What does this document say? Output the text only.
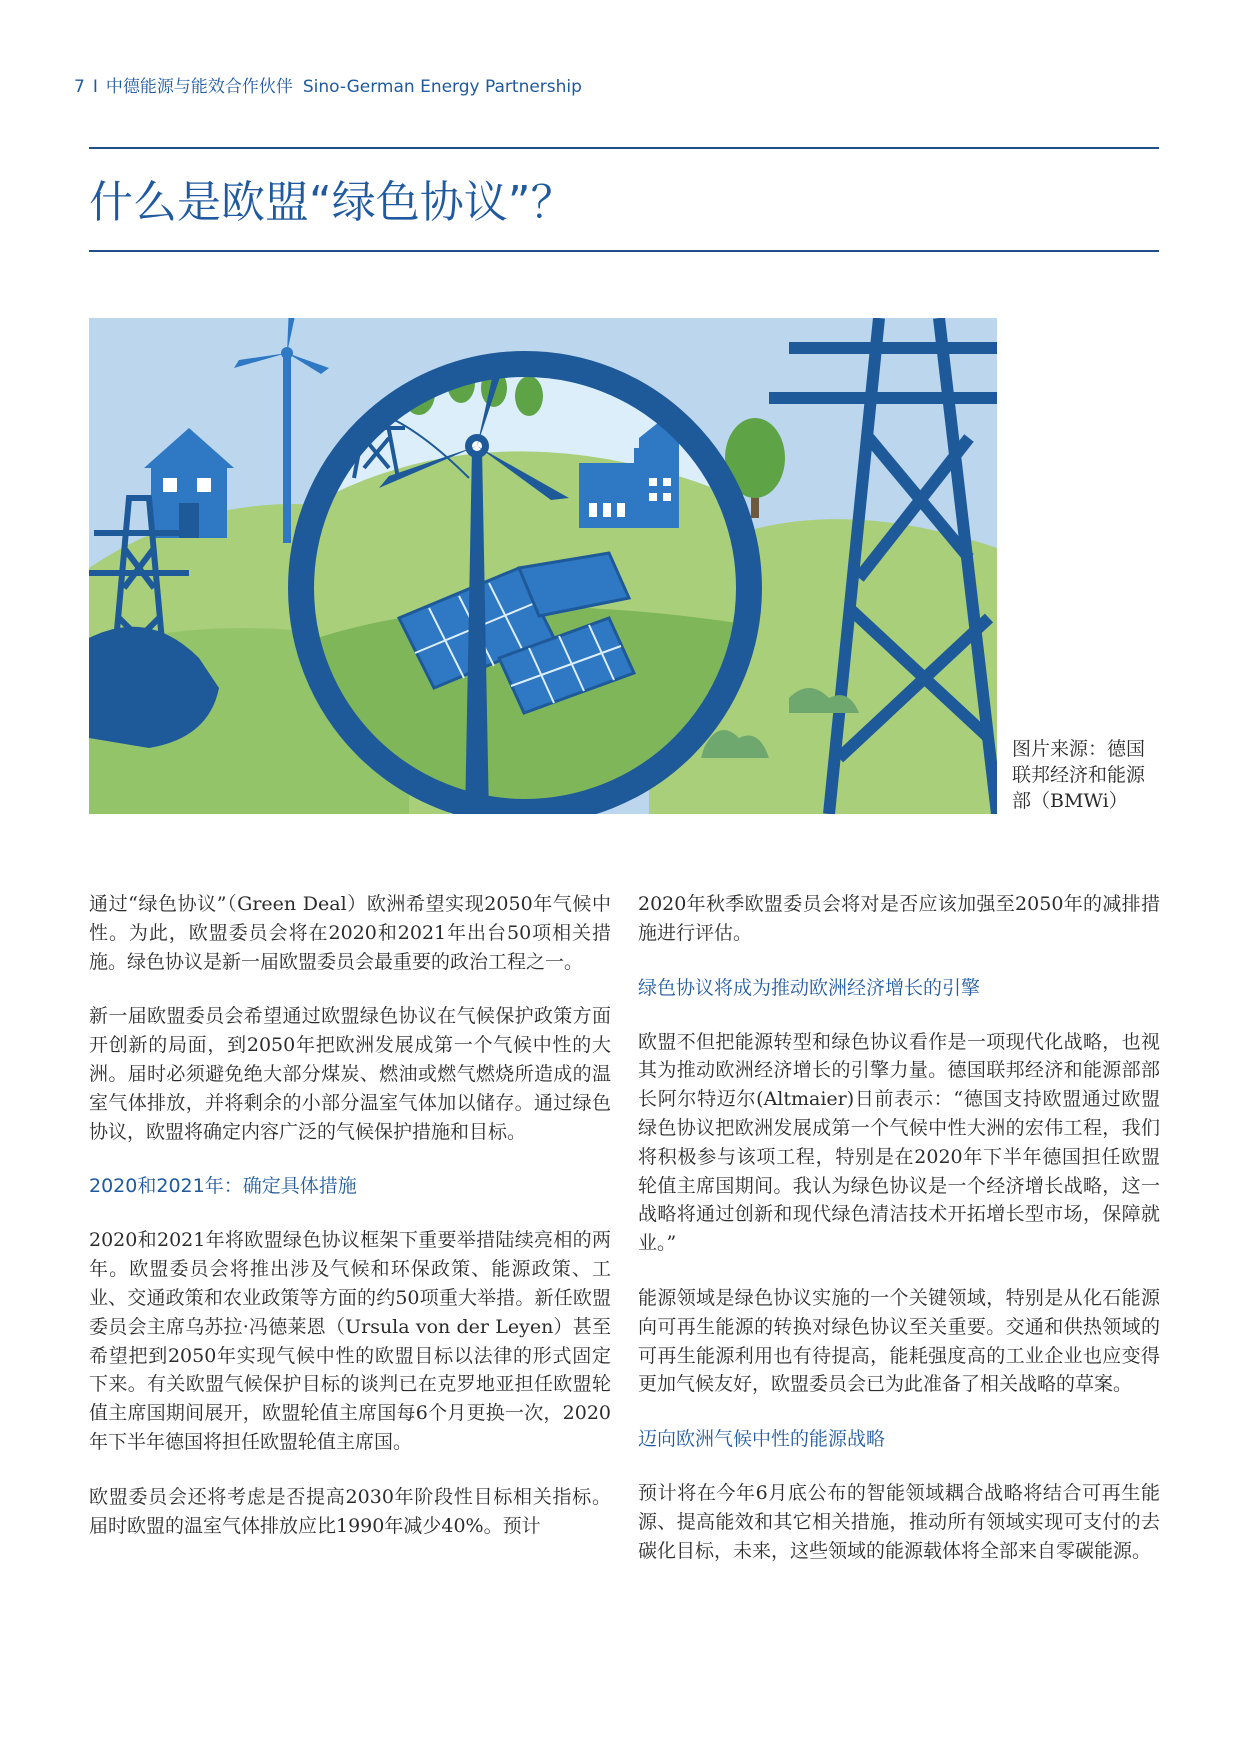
7 I 中德能源与能效合作伙伴 Sino-German Energy Partnership
什么是欧盟“绿色协议”？
图片来源：德国联邦经济和能源部（BMWi）

通过“绿色协议”（Green Deal）欧洲希望实现2050年气候中性。为此，欧盟委员会将在2020和2021年出台50项相关措施。绿色协议是新一届欧盟委员会最重要的政治工程之一。

新一届欧盟委员会希望通过欧盟绿色协议在气候保护政策方面开创新的局面，到2050年把欧洲发展成第一个气候中性的大洲。届时必须避免绝大部分煤炭、燃油或燃气燃烧所造成的温室气体排放，并将剩余的小部分温室气体加以储存。通过绿色协议，欧盟将确定内容广泛的气候保护措施和目标。

2020和2021年：确定具体措施

2020和2021年将欧盟绿色协议框架下重要举措陆续亮相的两年。欧盟委员会将推出涉及气候和环保政策、能源政策、工业、交通政策和农业政策等方面的约50项重大举措。新任欧盟委员会主席乌苏拉·冯德莱恩（Ursula von der Leyen）甚至希望把到2050年实现气候中性的欧盟目标以法律的形式固定下来。有关欧盟气候保护目标的谈判已在克罗地亚担任欧盟轮值主席国期间展开，欧盟轮值主席国每6个月更换一次，2020年下半年德国将担任欧盟轮值主席国。

欧盟委员会还将考虑是否提高2030年阶段性目标相关指标。届时欧盟的温室气体排放应比1990年减少40%。预计

2020年秋季欧盟委员会将对是否应该加强至2050年的减排措施进行评估。

绿色协议将成为推动欧洲经济增长的引擎

欧盟不但把能源转型和绿色协议看作是一项现代化战略，也视其为推动欧洲经济增长的引擎力量。德国联邦经济和能源部部长阿尔特迈尔(Altmaier)日前表示：“德国支持欧盟通过欧盟绿色协议把欧洲发展成第一个气候中性大洲的宏伟工程，我们将积极参与该项工程，特别是在2020年下半年德国担任欧盟轮值主席国期间。我认为绿色协议是一个经济增长战略，这一战略将通过创新和现代绿色清洁技术开拓增长型市场，保障就业。”

能源领域是绿色协议实施的一个关键领域，特别是从化石能源向可再生能源的转换对绿色协议至关重要。交通和供热领域的可再生能源利用也有待提高，能耗强度高的工业企业也应变得更加气候友好，欧盟委员会已为此准备了相关战略的草案。

迈向欧洲气候中性的能源战略

预计将在今年6月底公布的智能领域耦合战略将结合可再生能源、提高能效和其它相关措施，推动所有领域实现可支付的去碳化目标，未来，这些领域的能源载体将全部来自零碳能源。
